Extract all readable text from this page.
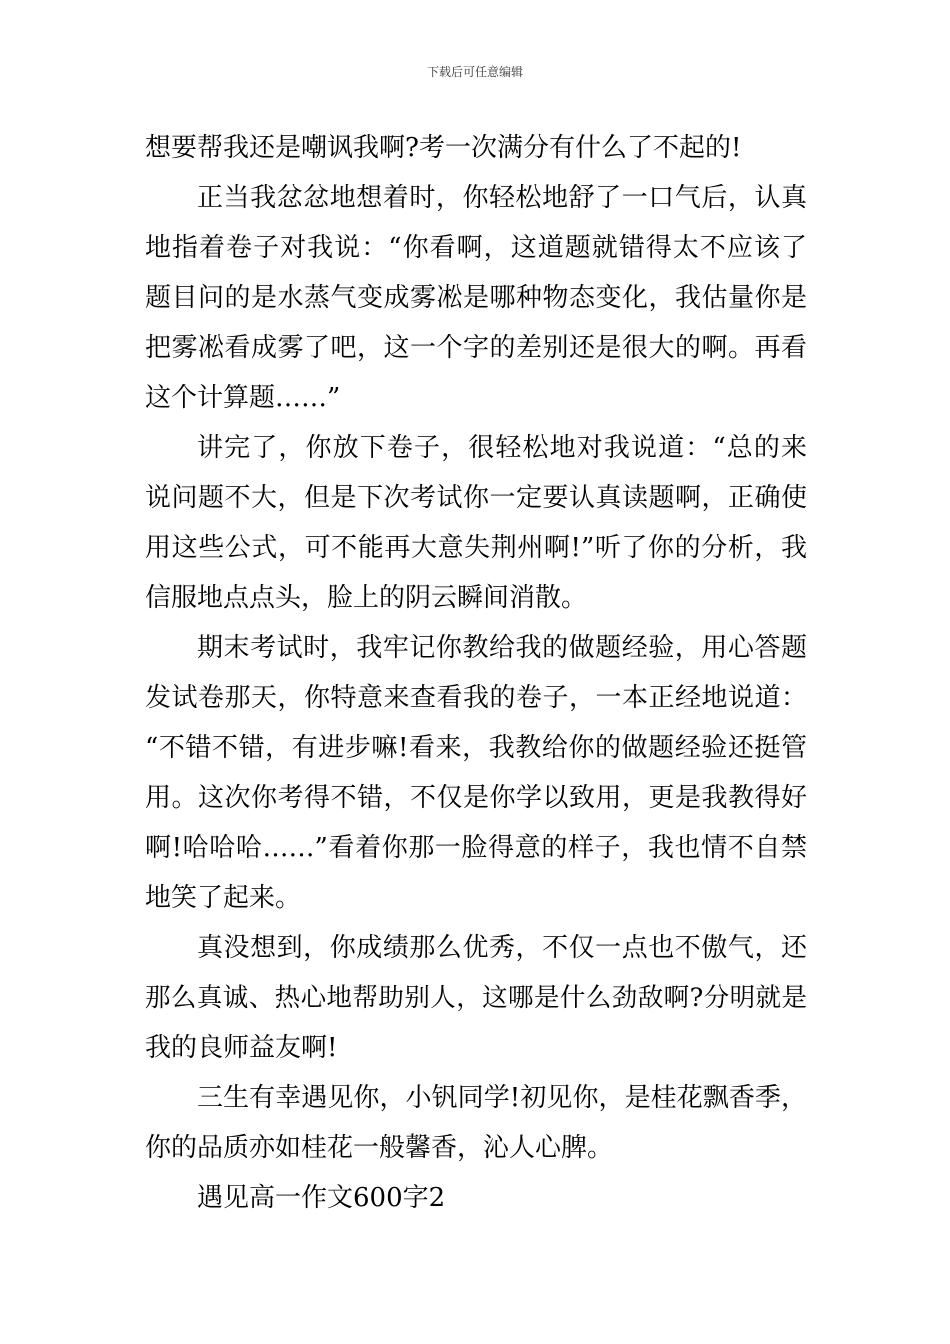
下载后可任意编辑
想要帮我还是嘲讽我啊?考一次满分有什么了不起的!
正当我忿忿地想着时，你轻松地舒了一口气后，认真
地指着卷子对我说：“你看啊，这道题就错得太不应该了
题目问的是水蒸气变成雾凇是哪种物态变化，我估量你是
把雾凇看成雾了吧，这一个字的差别还是很大的啊。再看
这个计算题……”
讲完了，你放下卷子，很轻松地对我说道：“总的来
说问题不大，但是下次考试你一定要认真读题啊，正确使
用这些公式，可不能再大意失荆州啊!”听了你的分析，我
信服地点点头，脸上的阴云瞬间消散。
期末考试时，我牢记你教给我的做题经验，用心答题
发试卷那天，你特意来查看我的卷子，一本正经地说道：
“不错不错，有进步嘛!看来，我教给你的做题经验还挺管
用。这次你考得不错，不仅是你学以致用，更是我教得好
啊!哈哈哈……”看着你那一脸得意的样子，我也情不自禁
地笑了起来。
真没想到，你成绩那么优秀，不仅一点也不傲气，还
那么真诚、热心地帮助别人，这哪是什么劲敌啊?分明就是
我的良师益友啊!
三生有幸遇见你，小钒同学!初见你，是桂花飘香季，
你的品质亦如桂花一般馨香，沁人心脾。
遇见高一作文600字2
